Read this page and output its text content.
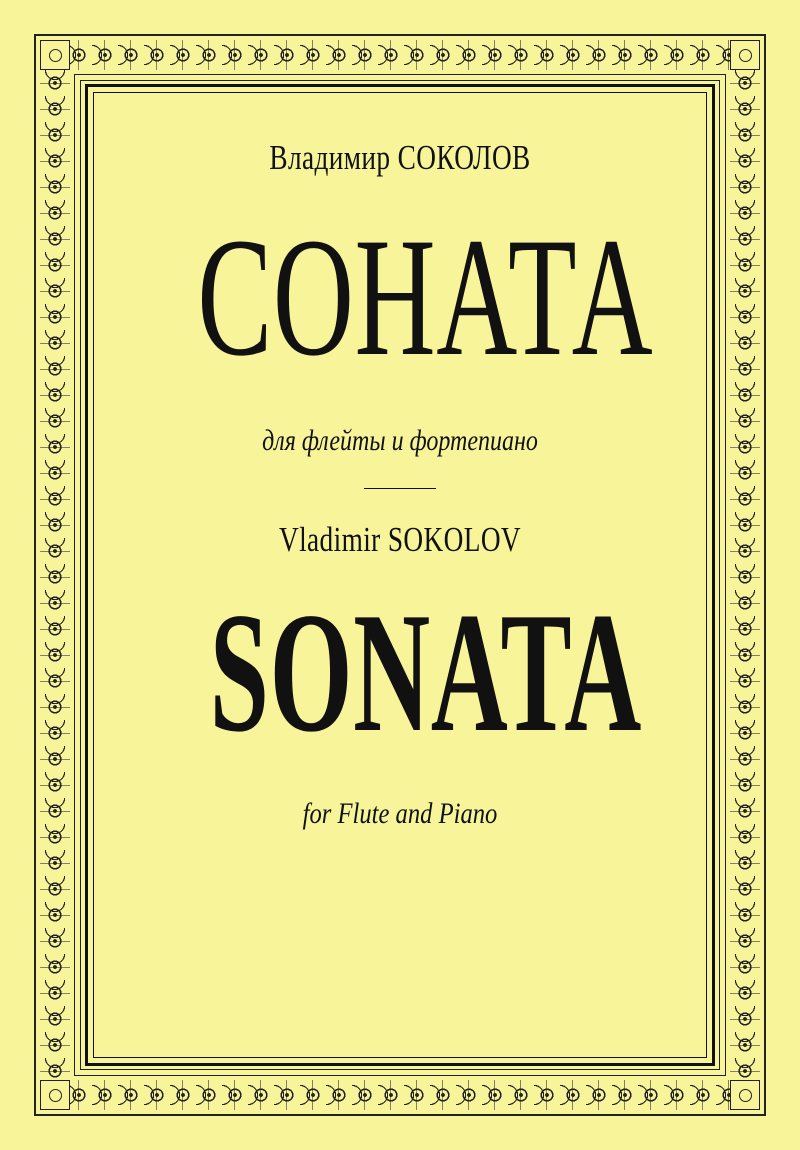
Владимир СОКОЛОВ
СОНАТА
для флейты и фортепиано
Vladimir SOKOLOV
SONATA
for Flute and Piano
